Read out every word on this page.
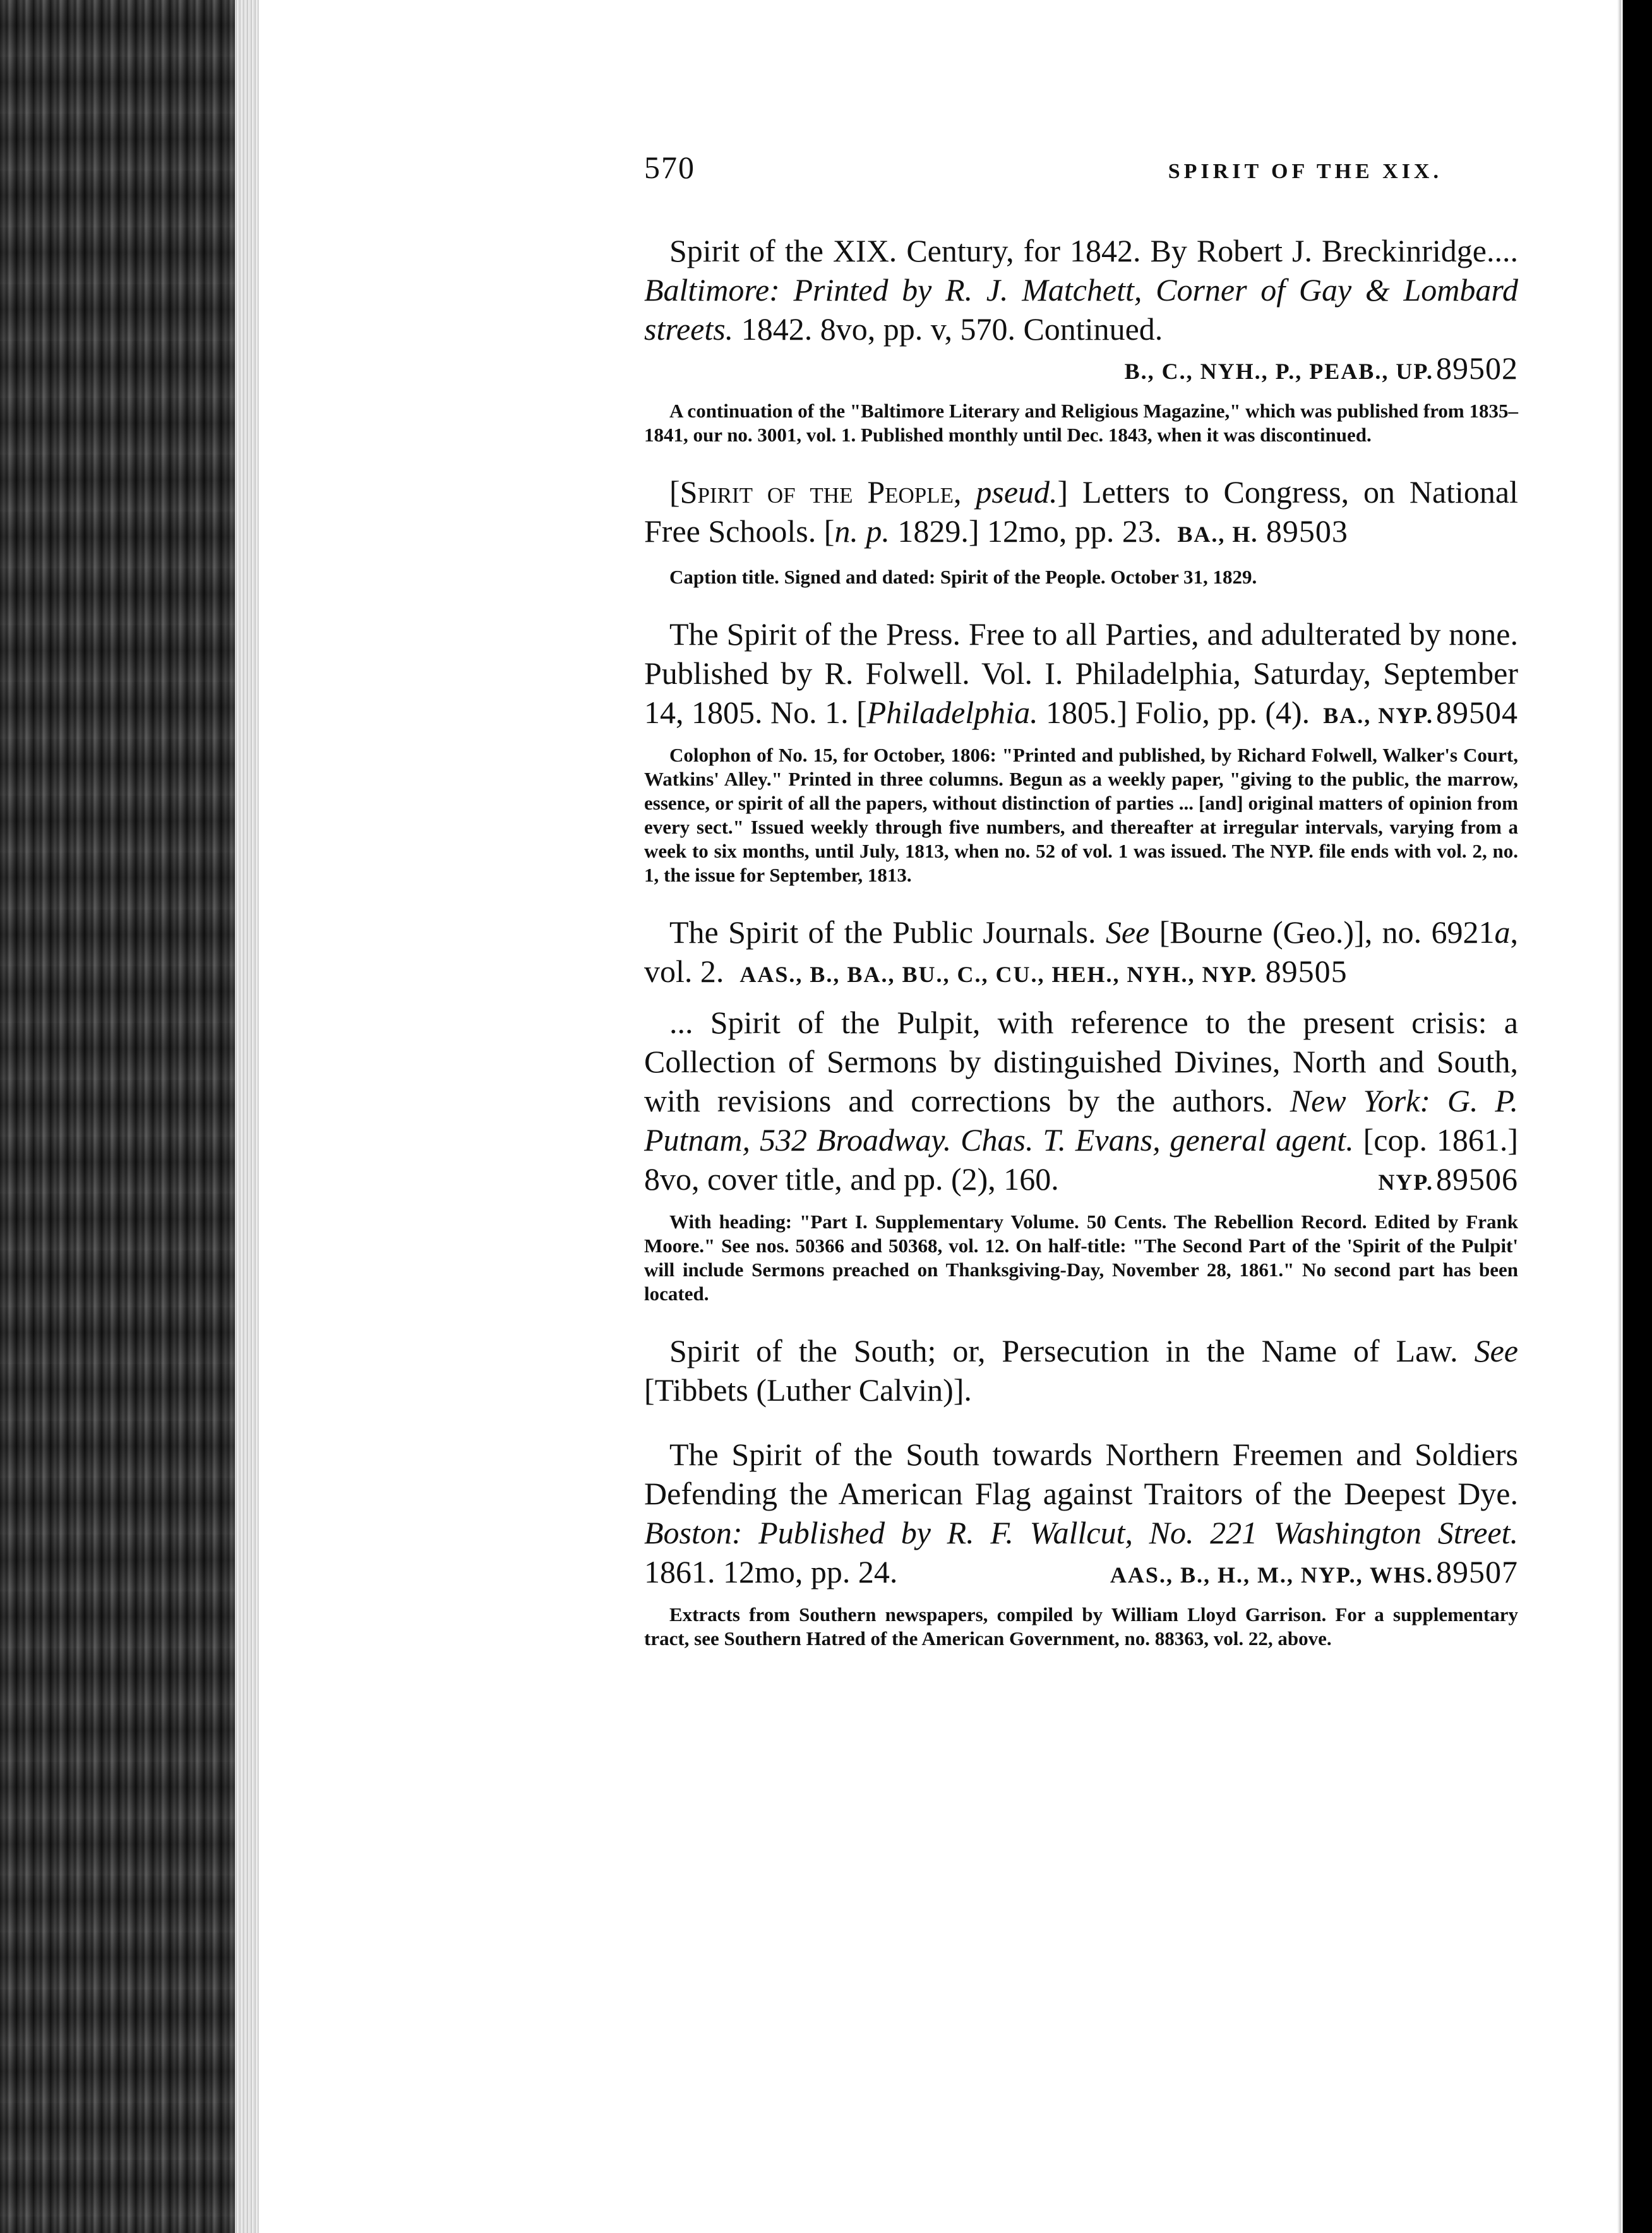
570	SPIRIT OF THE XIX.
Spirit of the XIX. Century, for 1842. By Robert J. Breckinridge.... Baltimore: Printed by R. J. Matchett, Corner of Gay & Lombard streets. 1842. 8vo, pp. v, 570. Continued.
B., C., NYH., P., PEAB., UP.
89502
A continuation of the "Baltimore Literary and Religious Magazine," which was published from 1835–1841, our no. 3001, vol. 1. Published monthly until Dec. 1843, when it was discontinued.
[Spirit of the People, pseud.] Letters to Congress, on National Free Schools. [n. p. 1829.] 12mo, pp. 23. BA., H. 89503
Caption title. Signed and dated: Spirit of the People. October 31, 1829.
The Spirit of the Press. Free to all Parties, and adulterated by none. Published by R. Folwell. Vol. I. Philadelphia, Saturday, September 14, 1805. No. 1. [Philadelphia. 1805.] Folio, pp. (4). BA., NYP.
89504
Colophon of No. 15, for October, 1806: "Printed and published, by Richard Folwell, Walker's Court, Watkins' Alley." Printed in three columns. Begun as a weekly paper, "giving to the public, the marrow, essence, or spirit of all the papers, without distinction of parties ... [and] original matters of opinion from every sect." Issued weekly through five numbers, and thereafter at irregular intervals, varying from a week to six months, until July, 1813, when no. 52 of vol. 1 was issued. The NYP. file ends with vol. 2, no. 1, the issue for September, 1813.
The Spirit of the Public Journals. See [Bourne (Geo.)], no. 6921a, vol. 2. AAS., B., BA., BU., C., CU., HEH., NYH., NYP. 89505
... Spirit of the Pulpit, with reference to the present crisis: a Collection of Sermons by distinguished Divines, North and South, with revisions and corrections by the authors. New York: G. P. Putnam, 532 Broadway. Chas. T. Evans, general agent. [cop. 1861.] 8vo, cover title, and pp. (2), 160.	NYP.
89506
With heading: "Part I. Supplementary Volume. 50 Cents. The Rebellion Record. Edited by Frank Moore." See nos. 50366 and 50368, vol. 12. On half-title: "The Second Part of the 'Spirit of the Pulpit' will include Sermons preached on Thanksgiving-Day, November 28, 1861." No second part has been located.
Spirit of the South; or, Persecution in the Name of Law. See [Tibbets (Luther Calvin)].
The Spirit of the South towards Northern Freemen and Soldiers Defending the American Flag against Traitors of the Deepest Dye. Boston: Published by R. F. Wallcut, No. 221 Washington Street. 1861. 12mo, pp. 24.	AAS., B., H., M., NYP., WHS.
89507
Extracts from Southern newspapers, compiled by William Lloyd Garrison. For a supplementary tract, see Southern Hatred of the American Government, no. 88363, vol. 22, above.
